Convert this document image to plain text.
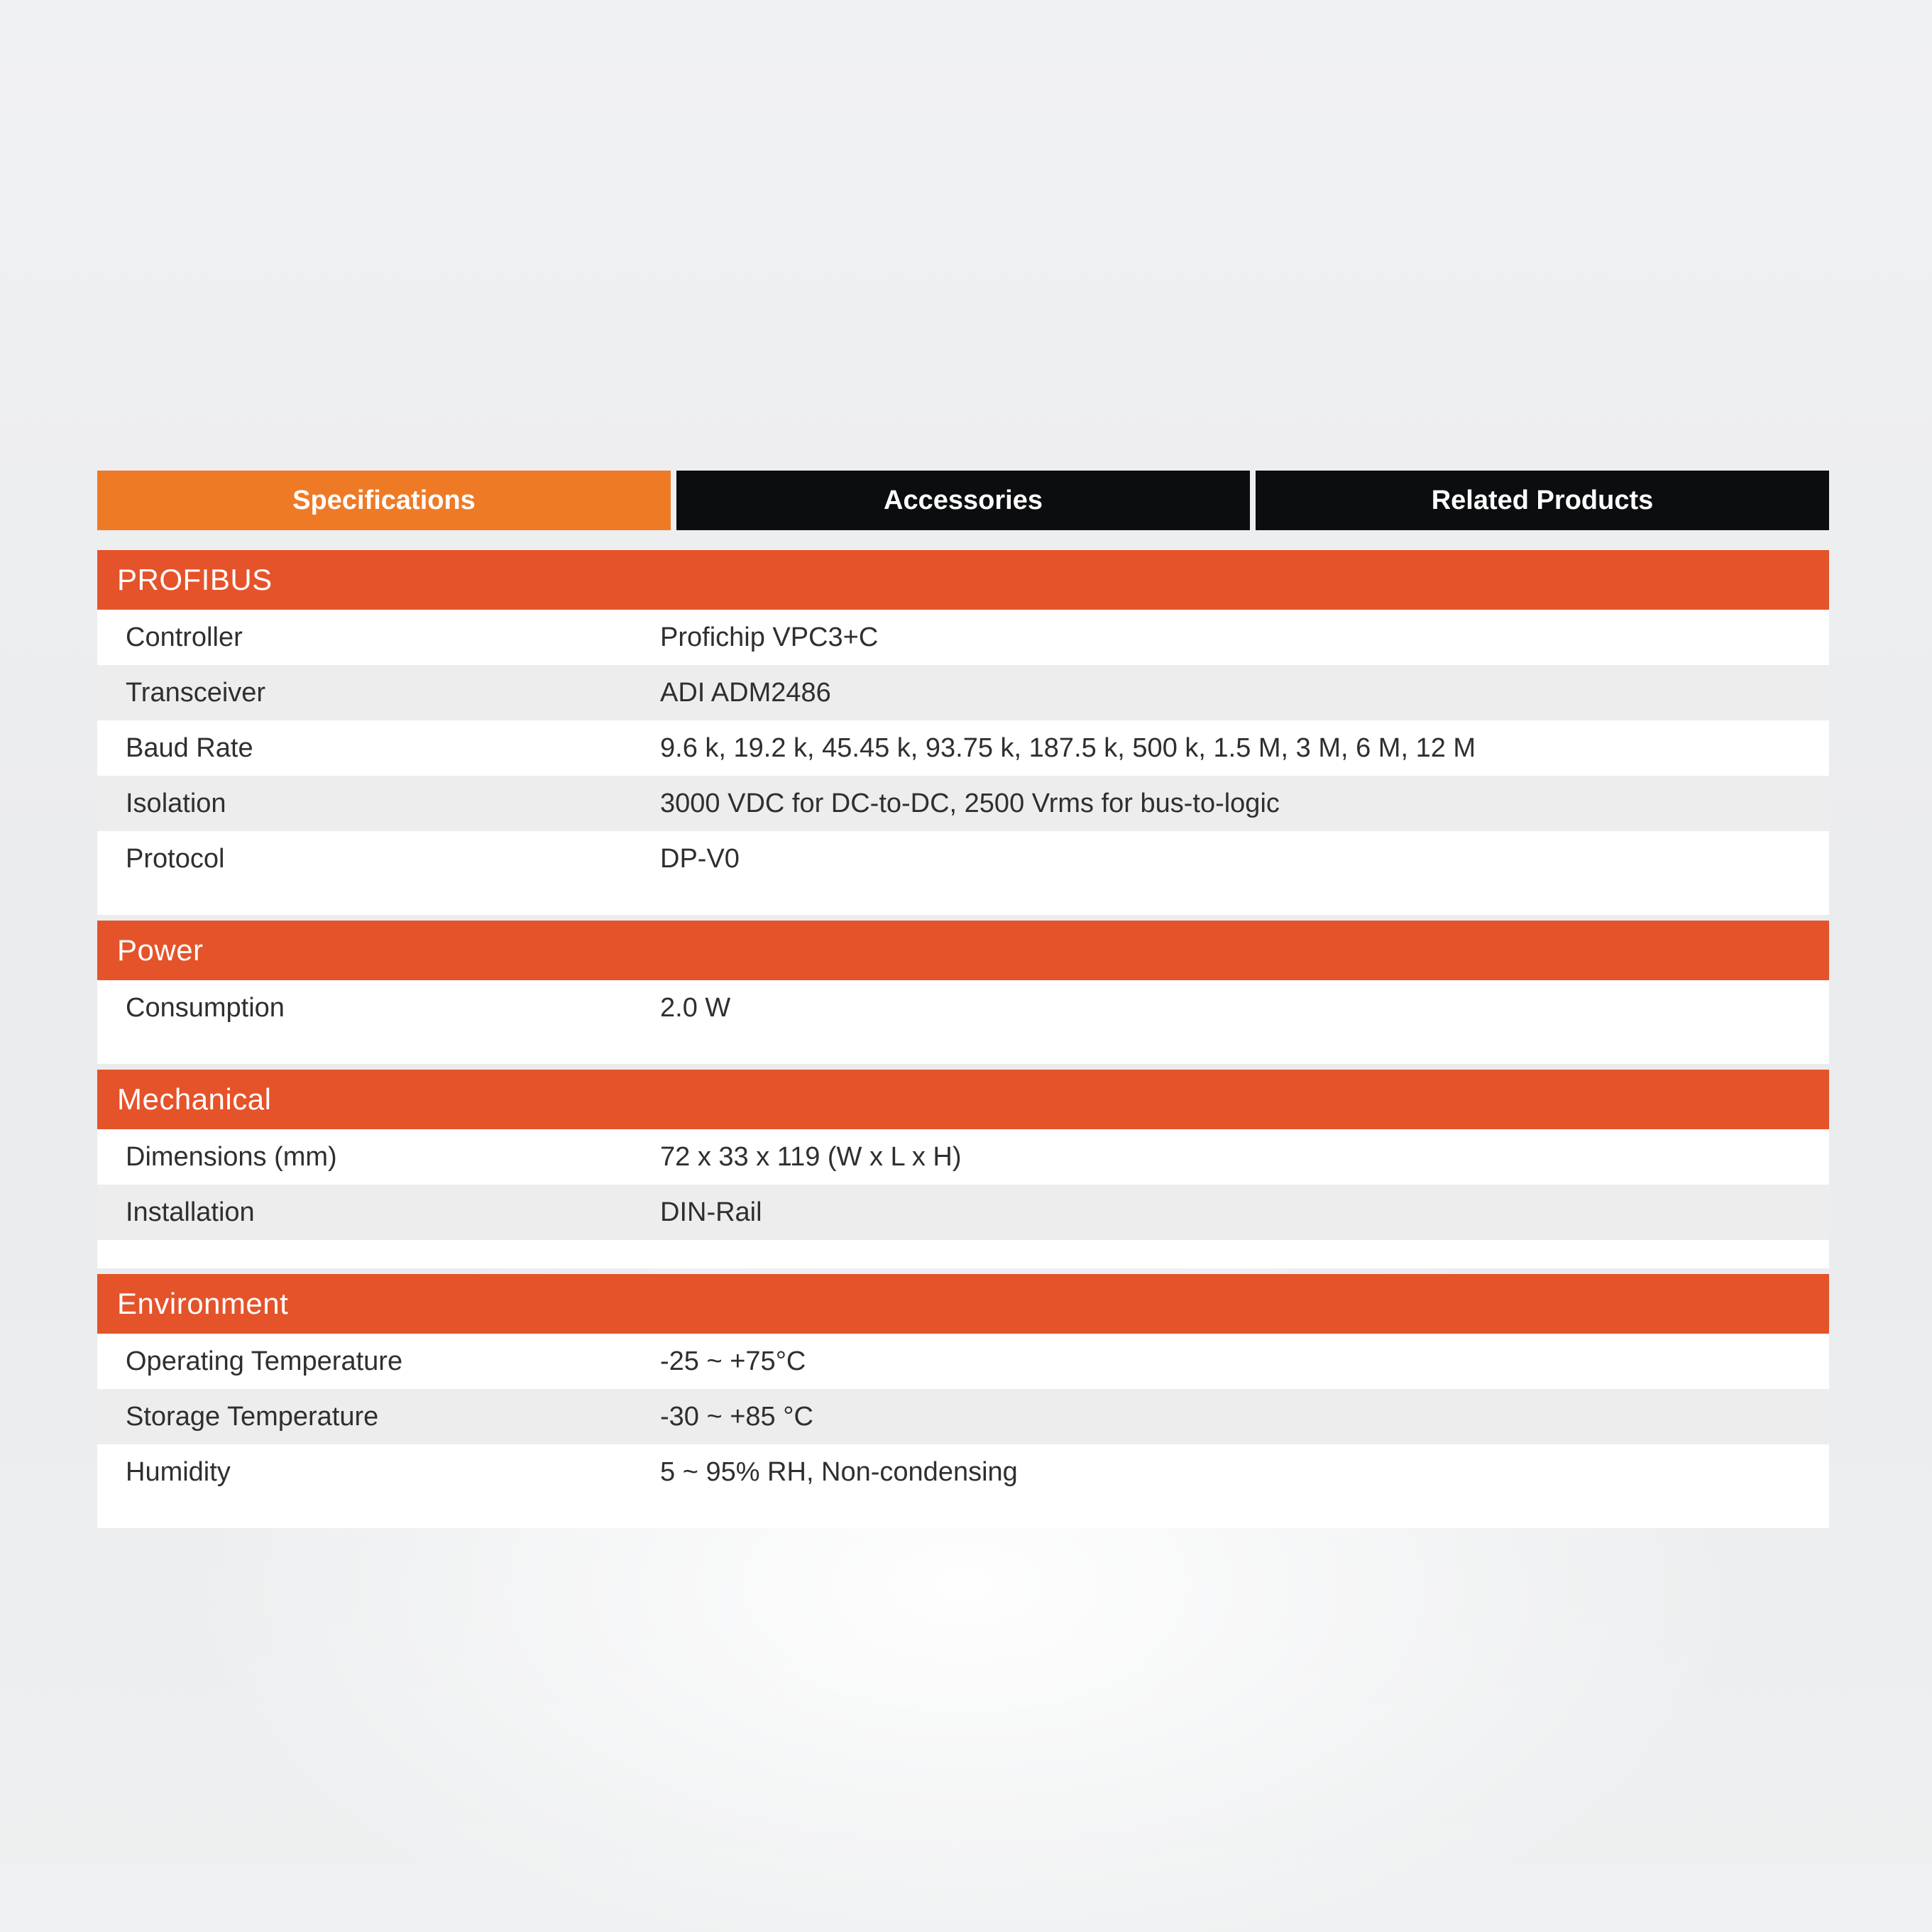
Specifications	Accessories	Related Products
PROFIBUS
Controller	Profichip VPC3+C
Transceiver	ADI ADM2486
Baud Rate	9.6 k, 19.2 k, 45.45 k, 93.75 k, 187.5 k, 500 k, 1.5 M, 3 M, 6 M, 12 M
Isolation	3000 VDC for DC-to-DC, 2500 Vrms for bus-to-logic
Protocol	DP-V0
Power
Consumption	2.0 W
Mechanical
Dimensions (mm)	72 x 33 x 119 (W x L x H)
Installation	DIN-Rail
Environment
Operating Temperature	-25 ~ +75°C
Storage Temperature	-30 ~ +85 °C
Humidity	5 ~ 95% RH, Non-condensing
